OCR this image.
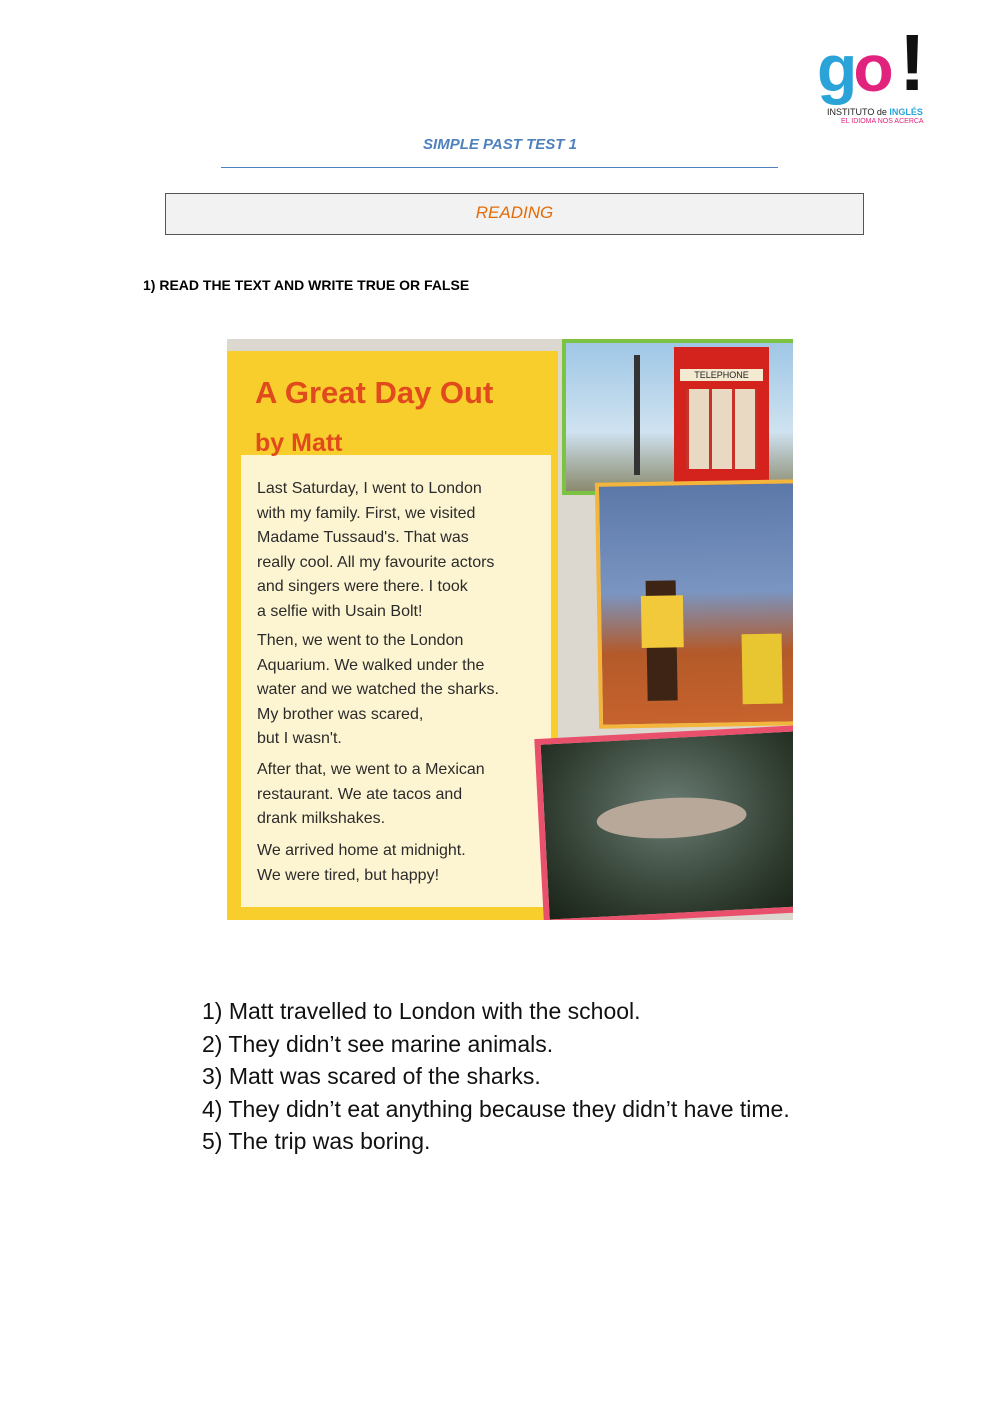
go !
INSTITUTO de INGLÉS
EL IDIOMA NOS ACERCA
SIMPLE PAST TEST 1
READING
1) READ THE TEXT AND WRITE TRUE OR FALSE
A Great Day Out
by Matt

Last Saturday, I went to London
with my family. First, we visited
Madame Tussaud's. That was
really cool. All my favourite actors
and singers were there. I took
a selfie with Usain Bolt!

Then, we went to the London
Aquarium. We walked under the
water and we watched the sharks.
My brother was scared,
but I wasn't.

After that, we went to a Mexican
restaurant. We ate tacos and
drank milkshakes.

We arrived home at midnight.
We were tired, but happy!

TELEPHONE
1) Matt travelled to London with the school.
2) They didn’t see marine animals.
3) Matt was scared of the sharks.
4) They didn’t eat anything because they didn’t have time.
5) The trip was boring.
